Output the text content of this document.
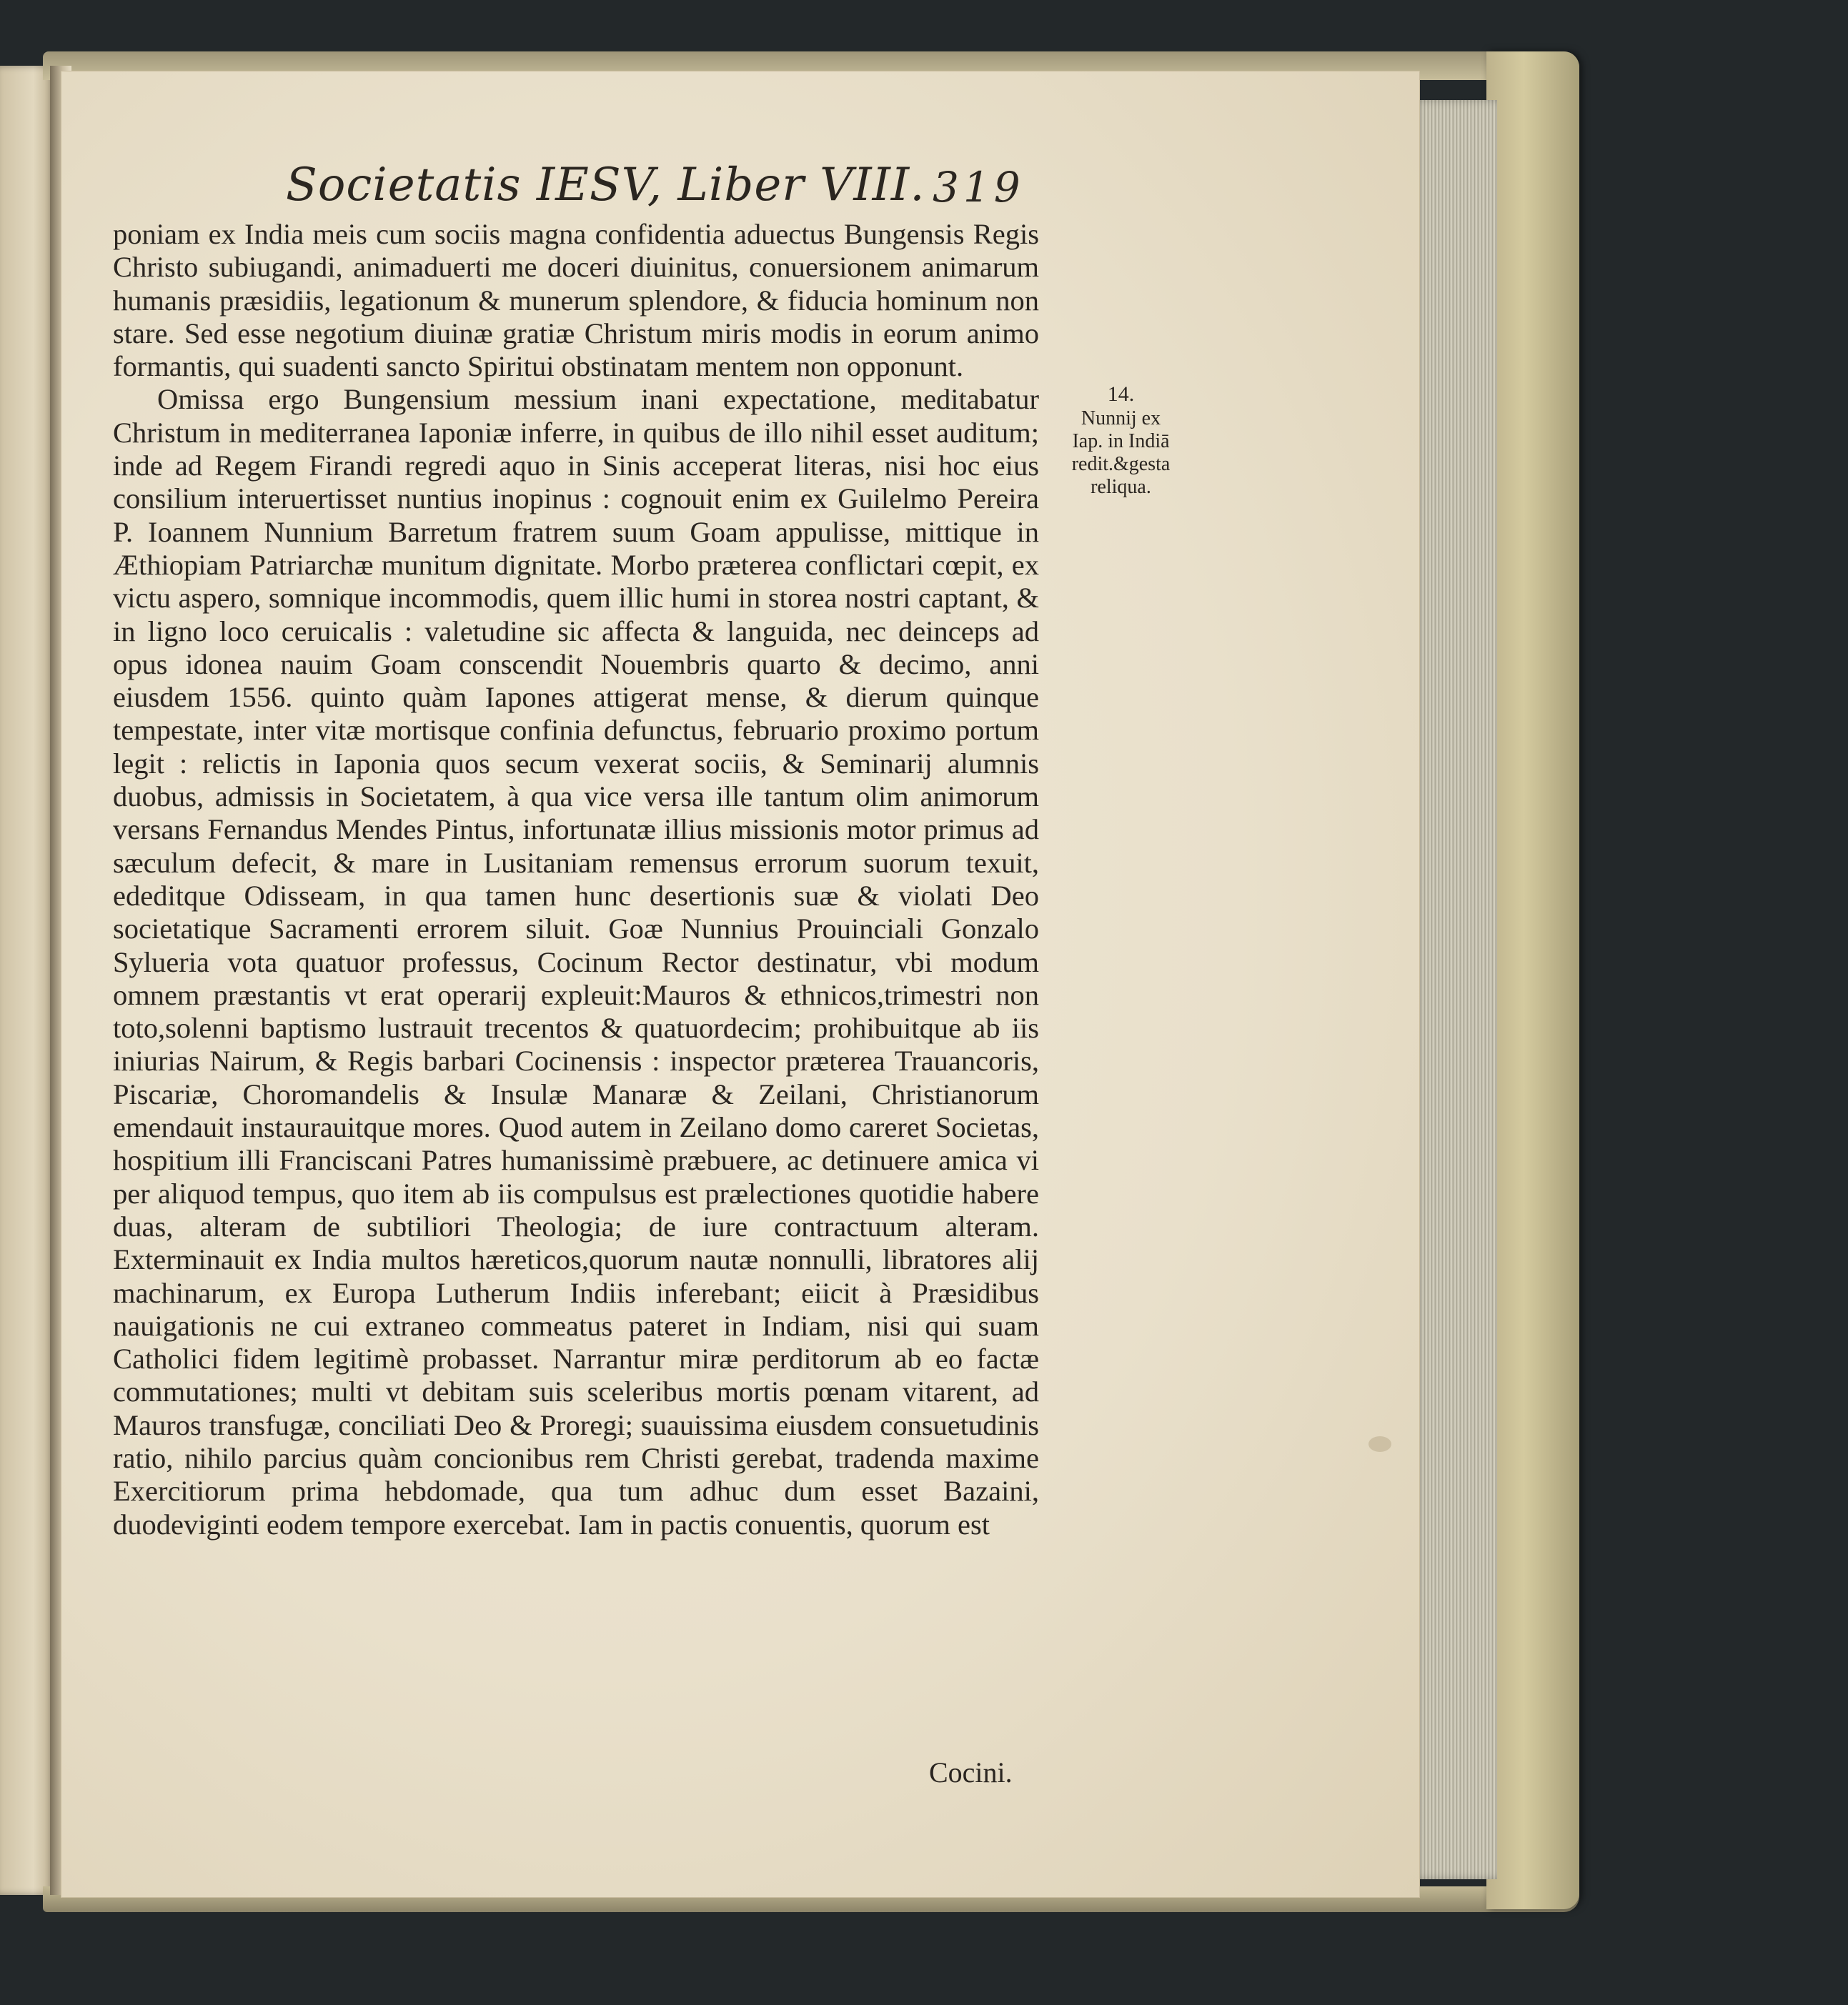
Societatis IESV, Liber VIII. 319

poniam ex India meis cum sociis magna confidentia aduectus Bungensis Regis Christo subiugandi, animaduerti me doceri diuinitus, conuersionem animarum humanis præsidiis, legationum & munerum splendore, & fiducia hominum non stare. Sed esse negotium diuinæ gratiæ Christum miris modis in eorum animo formantis, qui suadenti sancto Spiritui obstinatam mentem non opponunt.

Omissa ergo Bungensium messium inani expectatione, meditabatur Christum in mediterranea Iaponiæ inferre, in quibus de illo nihil esset auditum; inde ad Regem Firandi regredi aquo in Sinis acceperat literas, nisi hoc eius consilium interuertisset nuntius inopinus : cognouit enim ex Guilelmo Pereira P. Ioannem Nunnium Barretum fratrem suum Goam appulisse, mittique in Æthiopiam Patriarchæ munitum dignitate. Morbo præterea conflictari cœpit, ex victu aspero, somnique incommodis, quem illic humi in storea nostri captant, & in ligno loco ceruicalis : valetudine sic affecta & languida, nec deinceps ad opus idonea nauim Goam conscendit Nouembris quarto & decimo, anni eiusdem 1556. quinto quàm Iapones attigerat mense, & dierum quinque tempestate, inter vitæ mortisque confinia defunctus, februario proximo portum legit : relictis in Iaponia quos secum vexerat sociis, & Seminarij alumnis duobus, admissis in Societatem, à qua vice versa ille tantum olim animorum versans Fernandus Mendes Pintus, infortunatæ illius missionis motor primus ad sæculum defecit, & mare in Lusitaniam remensus errorum suorum texuit, ededitque Odisseam, in qua tamen hunc desertionis suæ & violati Deo societatique Sacramenti errorem siluit. Goæ Nunnius Prouinciali Gonzalo Sylueria vota quatuor professus, Cocinum Rector destinatur, vbi modum omnem præstantis vt erat operarij expleuit:Mauros & ethnicos,trimestri non toto,solenni baptismo lustrauit trecentos & quatuordecim; prohibuitque ab iis iniurias Nairum, & Regis barbari Cocinensis : inspector præterea Trauancoris, Piscariæ, Choromandelis & Insulæ Manaræ & Zeilani, Christianorum emendauit instaurauitque mores. Quod autem in Zeilano domo careret Societas, hospitium illi Franciscani Patres humanissimè præbuere, ac detinuere amica vi per aliquod tempus, quo item ab iis compulsus est prælectiones quotidie habere duas, alteram de subtiliori Theologia; de iure contractuum alteram. Exterminauit ex India multos hæreticos,quorum nautæ nonnulli, libratores alij machinarum, ex Europa Lutherum Indiis inferebant; eiicit à Præsidibus nauigationis ne cui extraneo commeatus pateret in Indiam, nisi qui suam Catholici fidem legitimè probasset. Narrantur miræ perditorum ab eo factæ commutationes; multi vt debitam suis sceleribus mortis pœnam vitarent, ad Mauros transfugæ, conciliati Deo & Proregi; suauissima eiusdem consuetudinis ratio, nihilo parcius quàm concionibus rem Christi gerebat, tradenda maxime Exercitiorum prima hebdomade, qua tum adhuc dum esset Bazaini, duodeviginti eodem tempore exercebat. Iam in pactis conuentis, quorum est

Cocini.
14.
Nunnij ex
Iap. in Indiā
redit.&gesta
reliqua.
